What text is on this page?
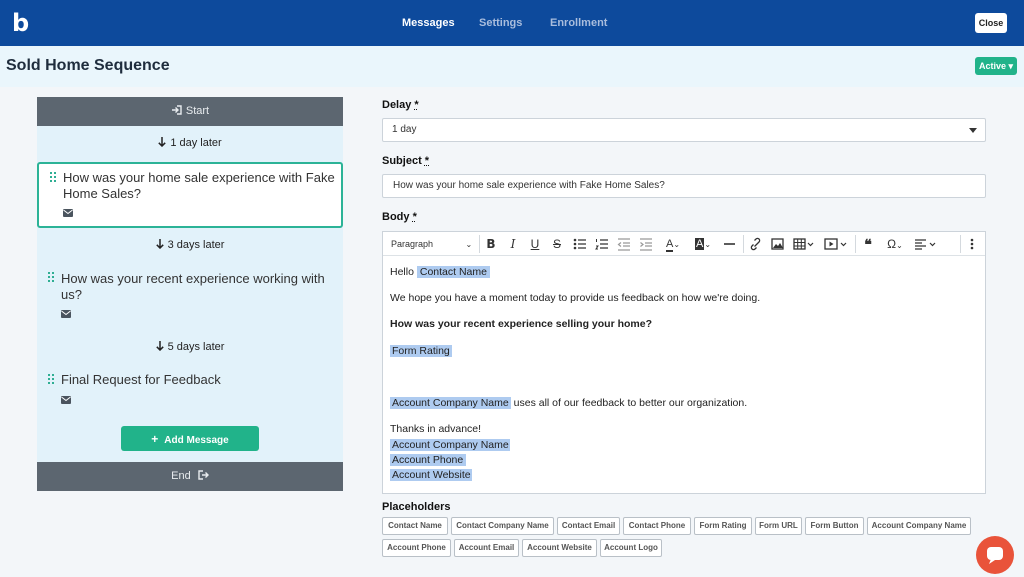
b	Messages Settings	Enrollment	Close
Sold Home Sequence	Active ▾
Start
1 day later
How was your home sale experience with Fake Home Sales?
3 days later
How was your recent experience working with us?
5 days later
Final Request for Feedback
+ Add Message
End
Delay *
1 day
Subject *
How was your home sale experience with Fake Home Sales?
Body *
Paragraph	⌄ B	I	U S	A⌄	A⌄	❝	Ω⌄
Hello Contact Name
We hope you have a moment today to provide us feedback on how we're doing.
How was your recent experience selling your home?
Form Rating
Account Company Name uses all of our feedback to better our organization.
Thanks in advance!
Account Company Name
Account Phone
Account Website
Placeholders
Contact Name	Contact Company Name	Contact Email	Contact Phone	Form Rating	Form URL	Form Button	Account Company Name
Account Phone	Account Email	Account Website	Account Logo
